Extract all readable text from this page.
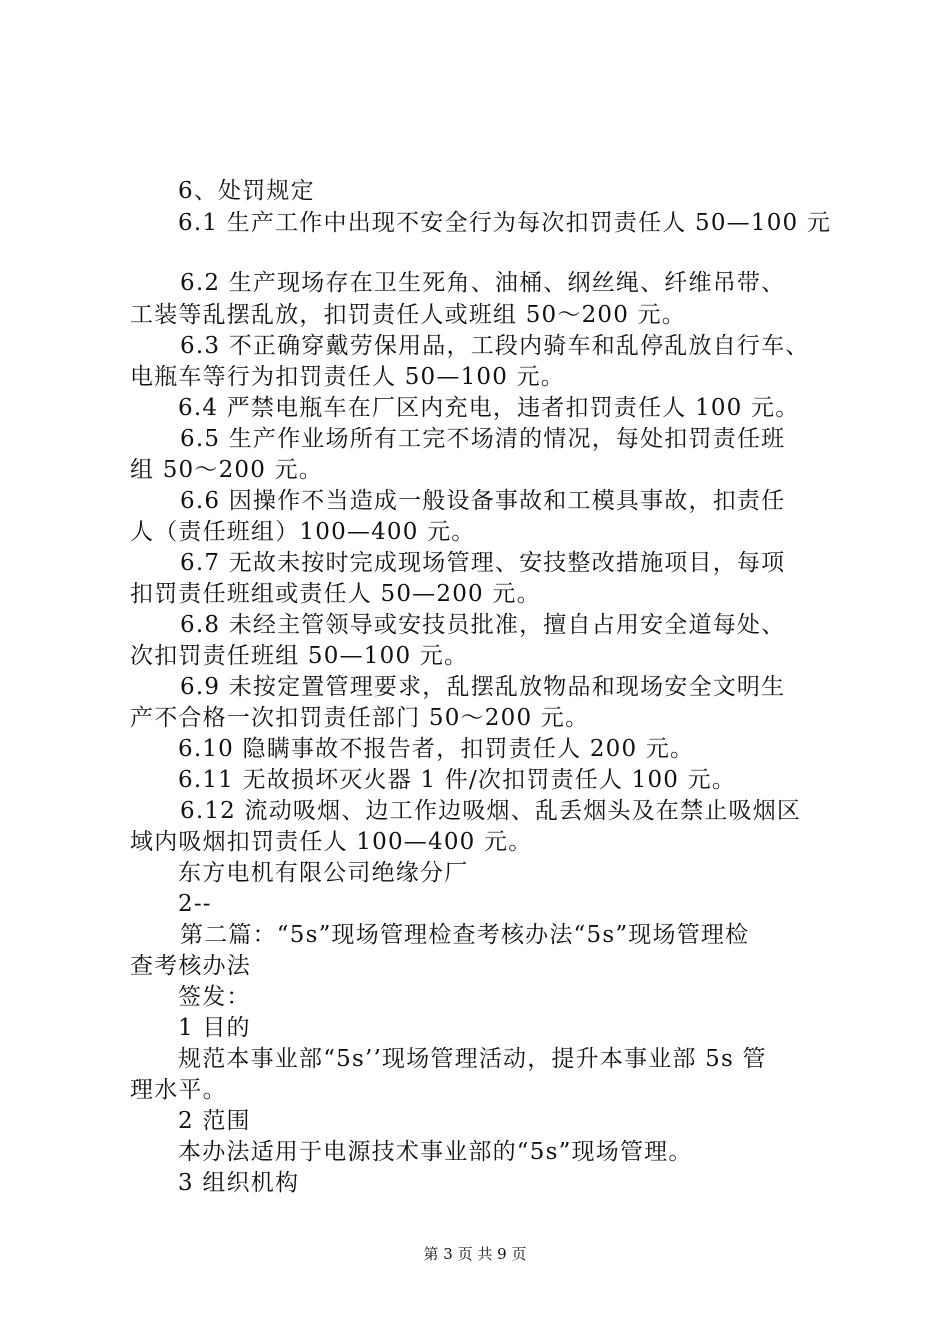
6、处罚规定
6.1 生产工作中出现不安全行为每次扣罚责任人 50—100 元
6.2 生产现场存在卫生死角、油桶、纲丝绳、纤维吊带、
工装等乱摆乱放，扣罚责任人或班组 50～200 元。
6.3 不正确穿戴劳保用品，工段内骑车和乱停乱放自行车、
电瓶车等行为扣罚责任人 50—100 元。
6.4 严禁电瓶车在厂区内充电，违者扣罚责任人 100 元。
6.5 生产作业场所有工完不场清的情况，每处扣罚责任班
组 50～200 元。
6.6 因操作不当造成一般设备事故和工模具事故，扣责任
人（责任班组）100—400 元。
6.7 无故未按时完成现场管理、安技整改措施项目，每项
扣罚责任班组或责任人 50—200 元。
6.8 未经主管领导或安技员批准，擅自占用安全道每处、
次扣罚责任班组 50—100 元。
6.9 未按定置管理要求，乱摆乱放物品和现场安全文明生
产不合格一次扣罚责任部门 50～200 元。
6.10 隐瞒事故不报告者，扣罚责任人 200 元。
6.11 无故损坏灭火器 1 件/次扣罚责任人 100 元。
6.12 流动吸烟、边工作边吸烟、乱丢烟头及在禁止吸烟区
域内吸烟扣罚责任人 100—400 元。
东方电机有限公司绝缘分厂
2--
第二篇：“5s”现场管理检查考核办法“5s”现场管理检
查考核办法
签发：
1 目的
规范本事业部“5s’’现场管理活动，提升本事业部 5s 管
理水平。
2 范围
本办法适用于电源技术事业部的“5s”现场管理。
3 组织机构
第 3 页 共 9 页
